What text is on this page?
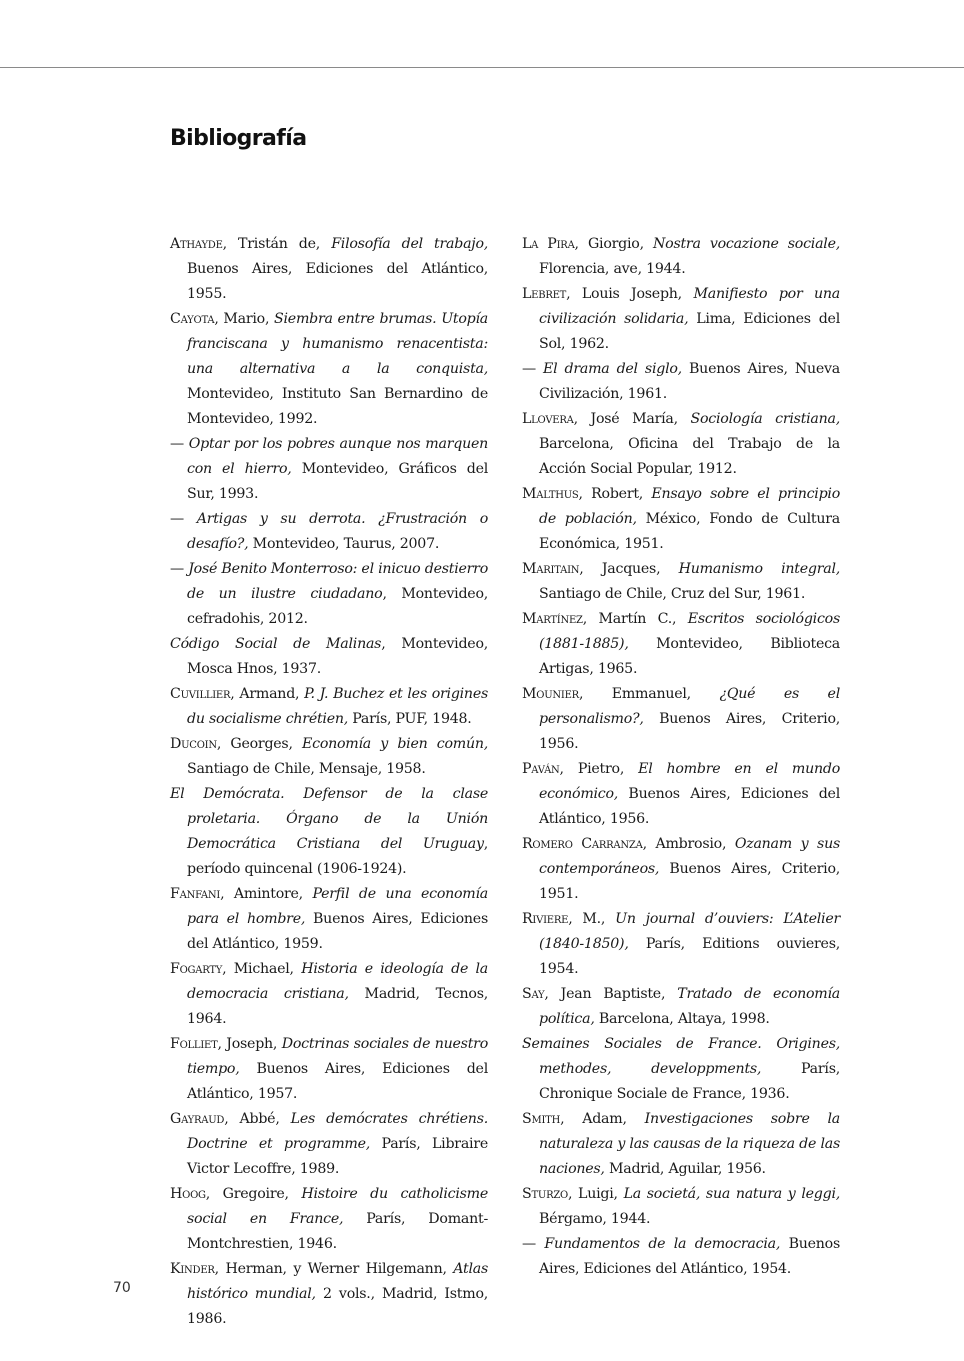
Bibliografía
Athayde, Tristán de, Filosofía del trabajo, Buenos Aires, Ediciones del Atlántico, 1955.
Cayota, Mario, Siembra entre brumas. Utopía franciscana y humanismo renacentista: una alternativa a la conquista, Montevideo, Instituto San Bernardino de Montevideo, 1992.
— Optar por los pobres aunque nos marquen con el hierro, Montevideo, Gráficos del Sur, 1993.
— Artigas y su derrota. ¿Frustración o desafío?, Montevideo, Taurus, 2007.
— José Benito Monterroso: el inicuo destierro de un ilustre ciudadano, Montevideo, cefradohis, 2012.
Código Social de Malinas, Montevideo, Mosca Hnos, 1937.
Cuvillier, Armand, P. J. Buchez et les origines du socialisme chrétien, París, PUF, 1948.
Ducoin, Georges, Economía y bien común, Santiago de Chile, Mensaje, 1958.
El Demócrata. Defensor de la clase proletaria. Órgano de la Unión Democrática Cristiana del Uruguay, período quincenal (1906-1924).
Fanfani, Amintore, Perfil de una economía para el hombre, Buenos Aires, Ediciones del Atlántico, 1959.
Fogarty, Michael, Historia e ideología de la democracia cristiana, Madrid, Tecnos, 1964.
Folliet, Joseph, Doctrinas sociales de nuestro tiempo, Buenos Aires, Ediciones del Atlántico, 1957.
Gayraud, Abbé, Les demócrates chrétiens. Doctrine et programme, París, Libraire Victor Lecoffre, 1989.
Hoog, Gregoire, Histoire du catholicisme social en France, París, Domant-Montchrestien, 1946.
Kinder, Herman, y Werner Hilgemann, Atlas histórico mundial, 2 vols., Madrid, Istmo, 1986.
La Pira, Giorgio, Nostra vocazione sociale, Florencia, ave, 1944.
Lebret, Louis Joseph, Manifiesto por una civilización solidaria, Lima, Ediciones del Sol, 1962.
— El drama del siglo, Buenos Aires, Nueva Civilización, 1961.
Llovera, José María, Sociología cristiana, Barcelona, Oficina del Trabajo de la Acción Social Popular, 1912.
Malthus, Robert, Ensayo sobre el principio de población, México, Fondo de Cultura Económica, 1951.
Maritain, Jacques, Humanismo integral, Santiago de Chile, Cruz del Sur, 1961.
Martínez, Martín C., Escritos sociológicos (1881-1885), Montevideo, Biblioteca Artigas, 1965.
Mounier, Emmanuel, ¿Qué es el personalismo?, Buenos Aires, Criterio, 1956.
Paván, Pietro, El hombre en el mundo económico, Buenos Aires, Ediciones del Atlántico, 1956.
Romero Carranza, Ambrosio, Ozanam y sus contemporáneos, Buenos Aires, Criterio, 1951.
Riviere, M., Un journal d’ouviers: L’Atelier (1840-1850), París, Editions ouvieres, 1954.
Say, Jean Baptiste, Tratado de economía política, Barcelona, Altaya, 1998.
Semaines Sociales de France. Origines, methodes, developpments, París, Chronique Sociale de France, 1936.
Smith, Adam, Investigaciones sobre la naturaleza y las causas de la riqueza de las naciones, Madrid, Aguilar, 1956.
Sturzo, Luigi, La societá, sua natura y leggi, Bérgamo, 1944.
— Fundamentos de la democracia, Buenos Aires, Ediciones del Atlántico, 1954.
70
